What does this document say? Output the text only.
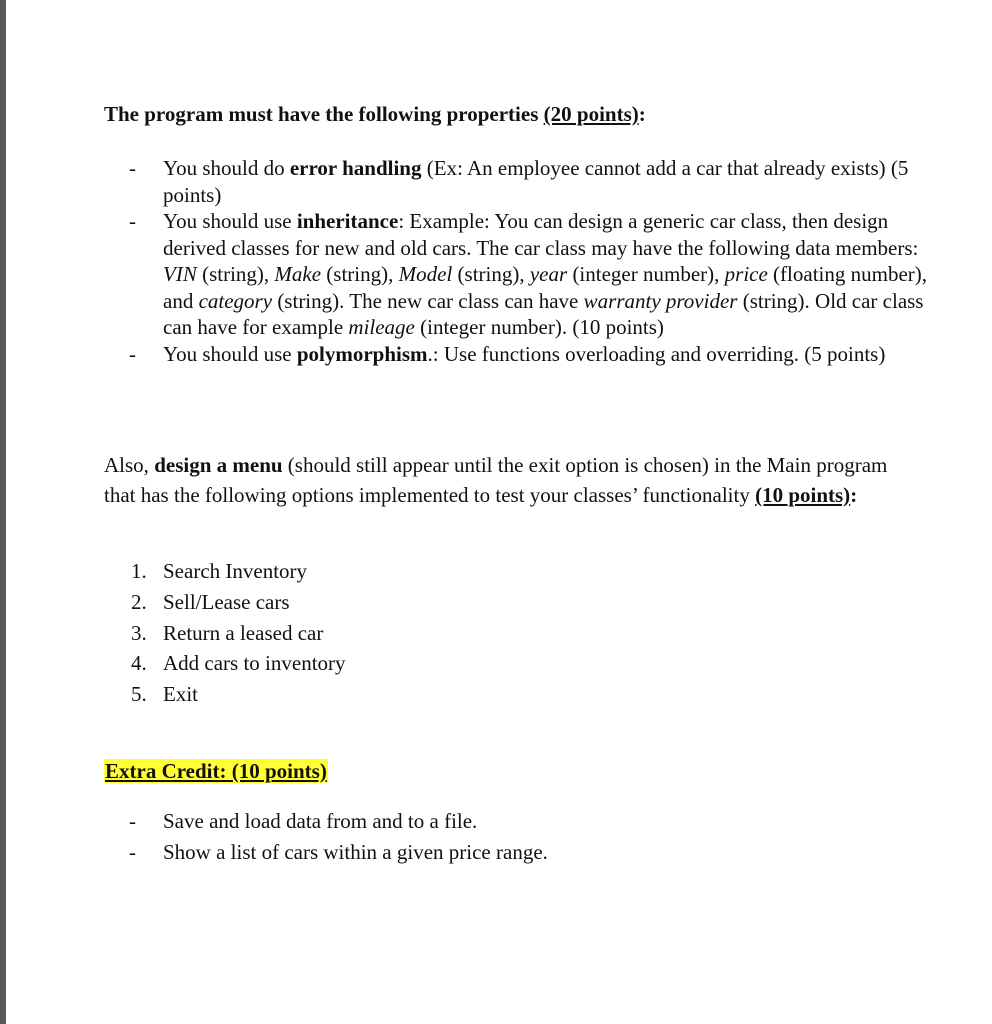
The program must have the following properties (20 points):
- You should do error handling (Ex: An employee cannot add a car that already exists) (5 points)
- You should use inheritance: Example: You can design a generic car class, then design derived classes for new and old cars. The car class may have the following data members: VIN (string), Make (string), Model (string), year (integer number), price (floating number), and category (string). The new car class can have warranty provider (string). Old car class can have for example mileage (integer number). (10 points)
- You should use polymorphism.: Use functions overloading and overriding. (5 points)
Also, design a menu (should still appear until the exit option is chosen) in the Main program that has the following options implemented to test your classes’ functionality (10 points):
1. Search Inventory
2. Sell/Lease cars
3. Return a leased car
4. Add cars to inventory
5. Exit
Extra Credit: (10 points)
- Save and load data from and to a file.
- Show a list of cars within a given price range.
